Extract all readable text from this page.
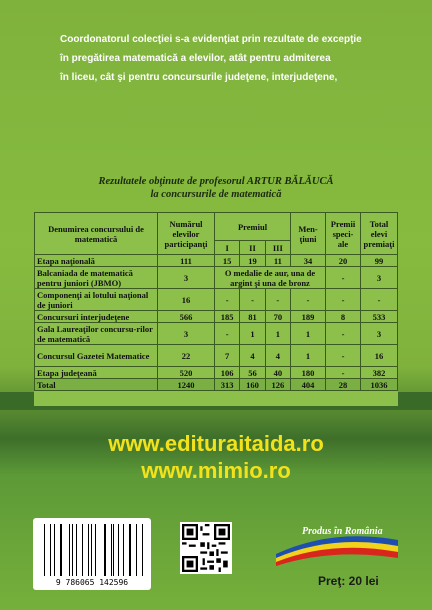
Coordonatorul colecţiei s-a evidenţiat prin rezultate de excepţie

în pregătirea matematică a elevilor, atât pentru admiterea

în liceu, cât şi pentru concursurile judeţene, interjudeţene,

Rezultatele obţinute de profesorul ARTUR BĂLĂUCĂ
la concursurile de matematică
Denumirea concursului de matematică	Numărul elevilor participanţi	Premiul			Men-ţiuni	Premii speci-ale	Total elevi premiaţi
		I	II	III			
Etapa naţională	111	15	19	11	34	20	99
Balcaniada de matematică pentru juniori (JBMO)	3	O medalie de aur, una de argint şi una de bronz				-	3
Componenţi ai lotului naţional de juniori	16	-	-	-	-	-	-
Concursuri interjudeţene	566	185	81	70	189	8	533
Gala Laureaţilor concursu-rilor de matematică	3	-	1	1	1	-	3
Concursul Gazetei Matematice	22	7	4	4	1	-	16
Etapa judeţeană	520	106	56	40	180	-	382
Total	1240	313	160	126	404	28	1036
www.edituraitaida.ro
www.mimio.ro
9 786065 142596
Produs în România
Preţ: 20 lei
